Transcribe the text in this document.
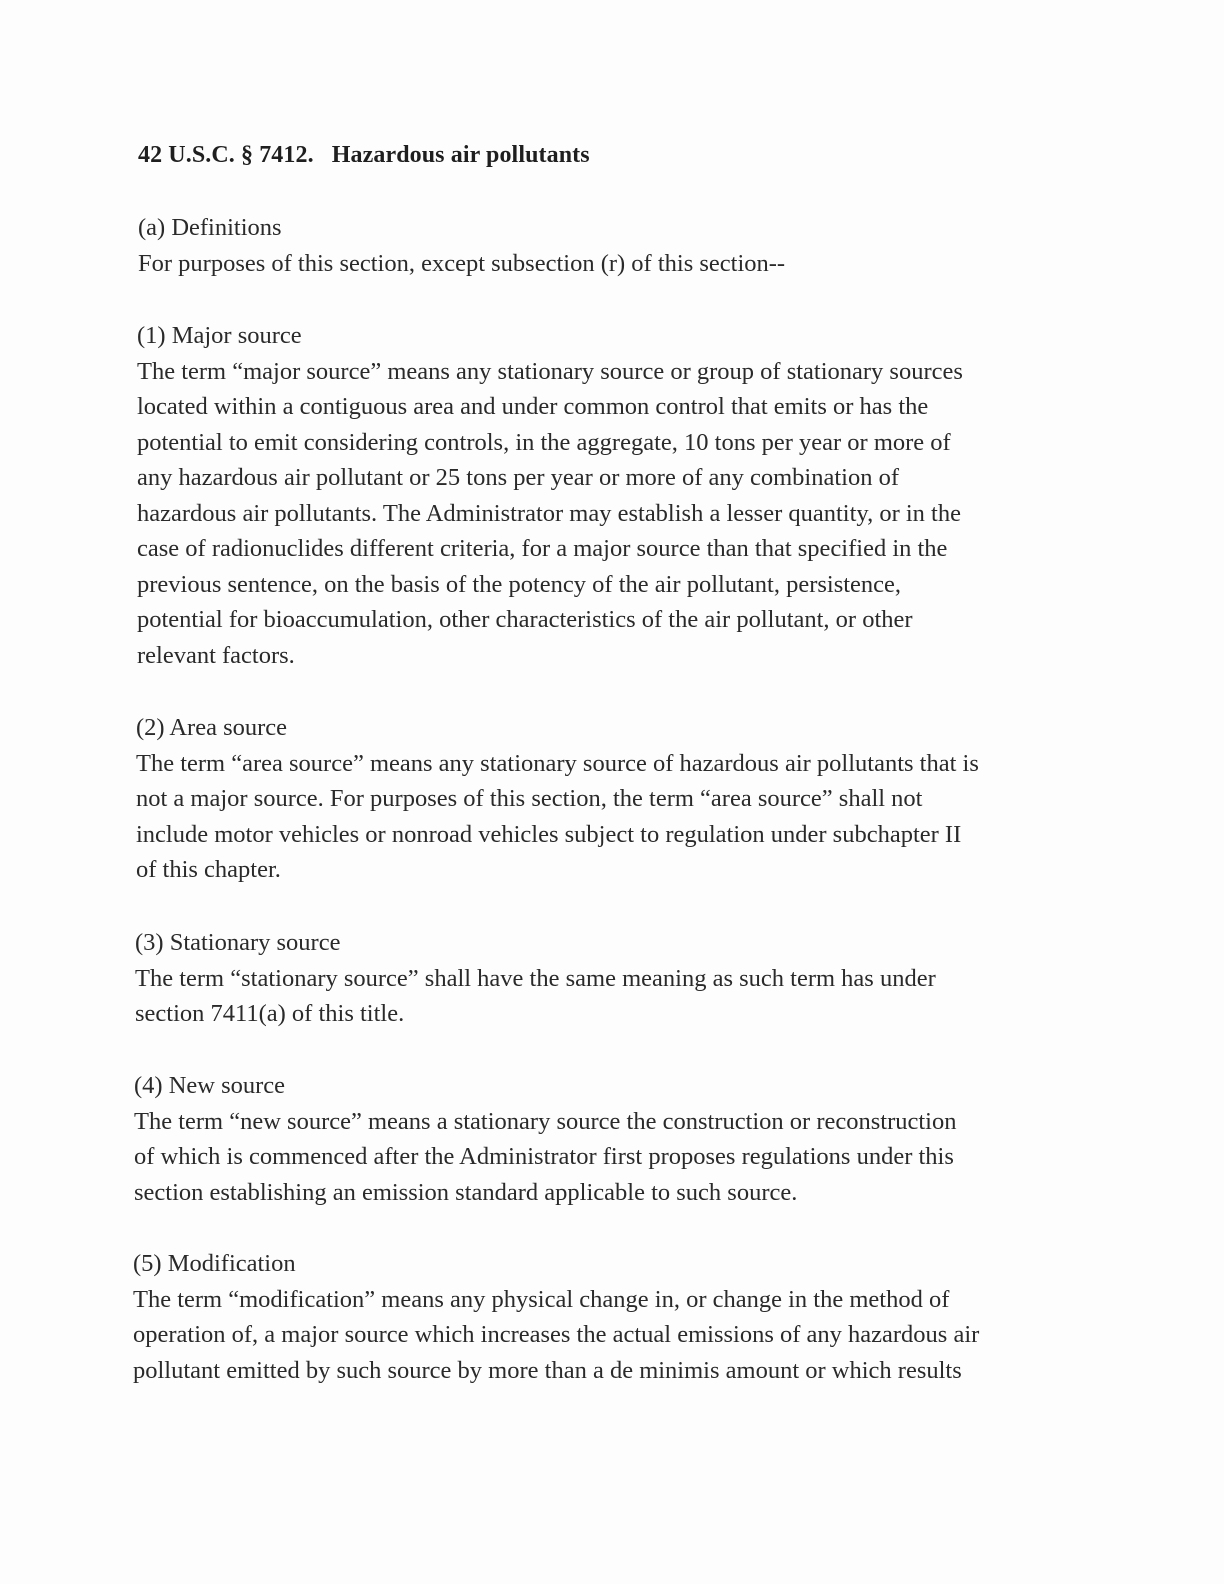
42 U.S.C. § 7412. Hazardous air pollutants
(a) Definitions
For purposes of this section, except subsection (r) of this section--
(1) Major source
The term “major source” means any stationary source or group of stationary sources
located within a contiguous area and under common control that emits or has the
potential to emit considering controls, in the aggregate, 10 tons per year or more of
any hazardous air pollutant or 25 tons per year or more of any combination of
hazardous air pollutants. The Administrator may establish a lesser quantity, or in the
case of radionuclides different criteria, for a major source than that specified in the
previous sentence, on the basis of the potency of the air pollutant, persistence,
potential for bioaccumulation, other characteristics of the air pollutant, or other
relevant factors.
(2) Area source
The term “area source” means any stationary source of hazardous air pollutants that is
not a major source. For purposes of this section, the term “area source” shall not
include motor vehicles or nonroad vehicles subject to regulation under subchapter II
of this chapter.
(3) Stationary source
The term “stationary source” shall have the same meaning as such term has under
section 7411(a) of this title.
(4) New source
The term “new source” means a stationary source the construction or reconstruction
of which is commenced after the Administrator first proposes regulations under this
section establishing an emission standard applicable to such source.
(5) Modification
The term “modification” means any physical change in, or change in the method of
operation of, a major source which increases the actual emissions of any hazardous air
pollutant emitted by such source by more than a de minimis amount or which results
